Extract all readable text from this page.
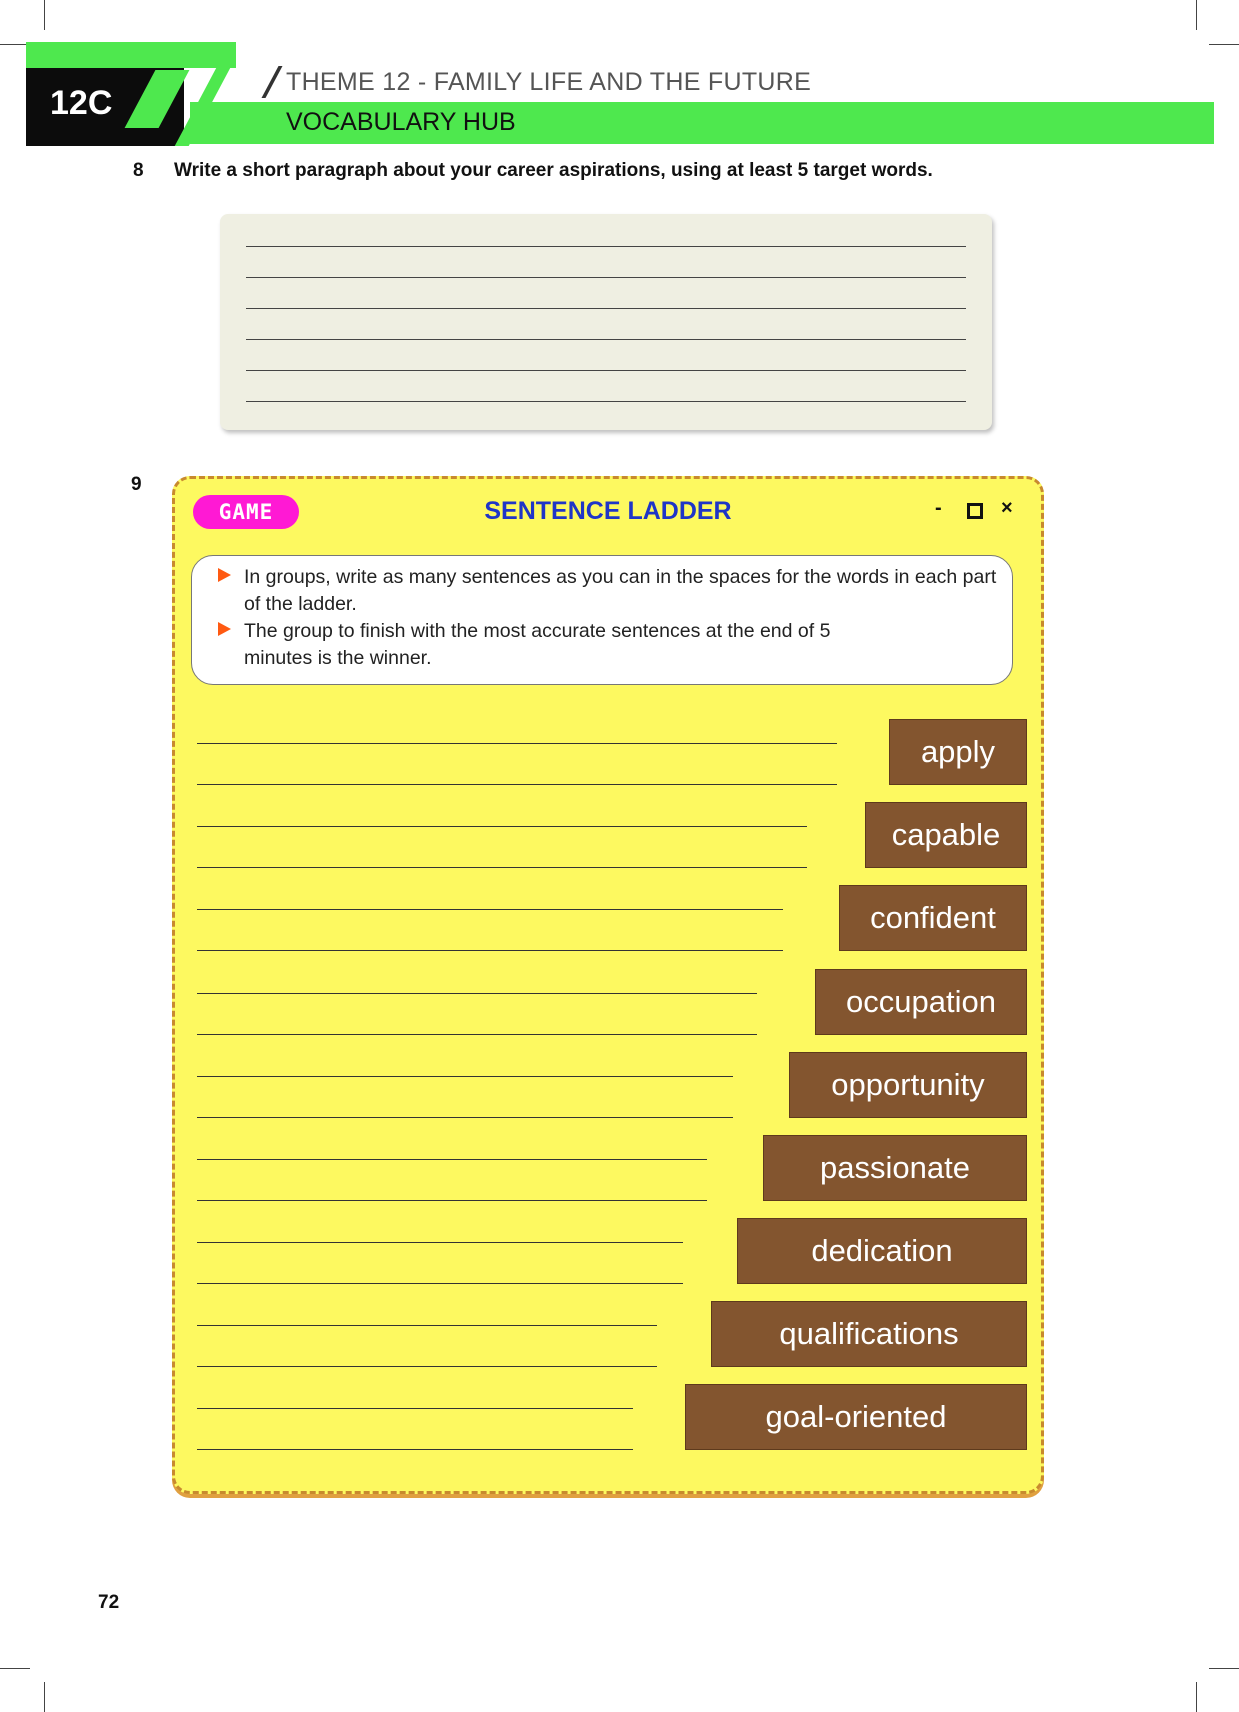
12C
THEME 12 - FAMILY LIFE AND THE FUTURE
VOCABULARY HUB
8 Write a short paragraph about your career aspirations, using at least 5 target words.
9
GAME	SENTENCE LADDER	-	×
In groups, write as many sentences as you can in the spaces for the words in each part of the ladder.
The group to finish with the most accurate sentences at the end of 5 minutes is the winner.
apply
capable
confident
occupation
opportunity
passionate
dedication
qualifications
goal-oriented
72
